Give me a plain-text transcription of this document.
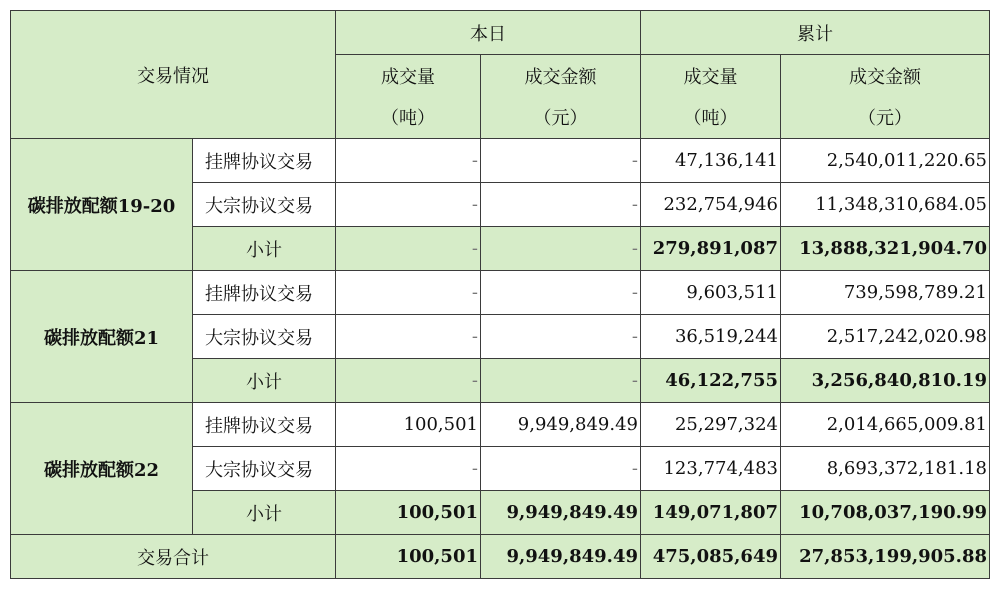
交易情况		本日		累计	
		成交量	成交金额	成交量	成交金额
		（吨）	（元）	（吨）	（元）
碳排放配额19-20	挂牌协议交易	-	-	47,136,141	2,540,011,220.65
	大宗协议交易	-	-	232,754,946	11,348,310,684.05
	小计	-	-	279,891,087	13,888,321,904.70
碳排放配额21	挂牌协议交易	-	-	9,603,511	739,598,789.21
	大宗协议交易	-	-	36,519,244	2,517,242,020.98
	小计	-	-	46,122,755	3,256,840,810.19
碳排放配额22	挂牌协议交易	100,501	9,949,849.49	25,297,324	2,014,665,009.81
	大宗协议交易	-	-	123,774,483	8,693,372,181.18
	小计	100,501	9,949,849.49	149,071,807	10,708,037,190.99
交易合计		100,501	9,949,849.49	475,085,649	27,853,199,905.88
